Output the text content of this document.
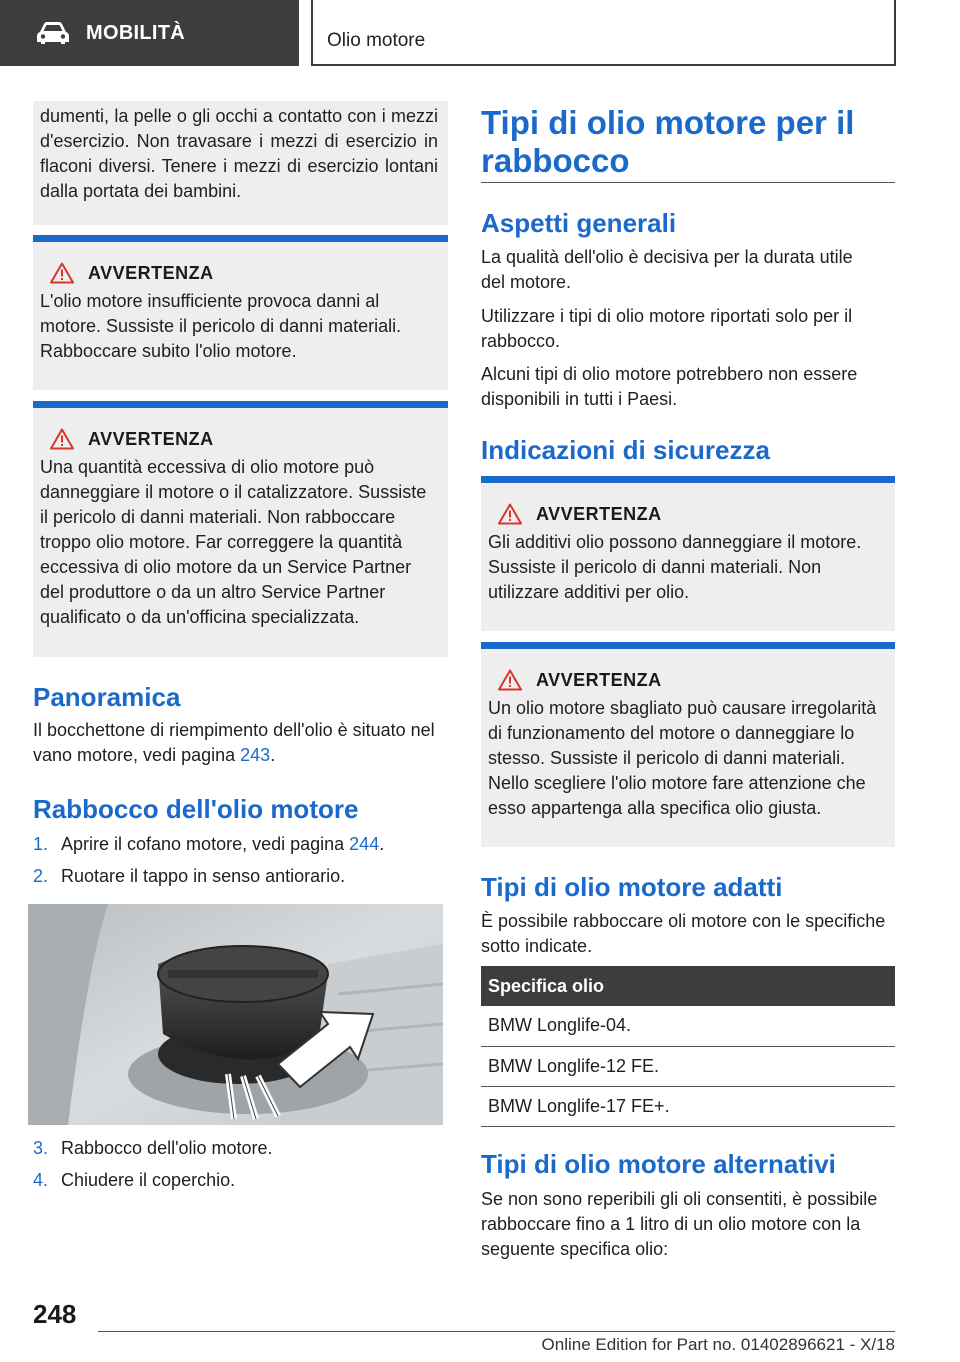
MOBILITÀ	Olio motore
dumenti, la pelle o gli occhi a contatto con i mezzi d'esercizio. Non travasare i mezzi di esercizio in flaconi diversi. Tenere i mezzi di esercizio lontani dalla portata dei bambini.
AVVERTENZA
L'olio motore insufficiente provoca danni al motore. Sussiste il pericolo di danni materiali. Rabboccare subito l'olio motore.
AVVERTENZA
Una quantità eccessiva di olio motore può danneggiare il motore o il catalizzatore. Sussiste il pericolo di danni materiali. Non rabboccare troppo olio motore. Far correggere la quantità eccessiva di olio motore da un Service Partner del produttore o da un altro Service Partner qualificato o da un'officina specializzata.
Panoramica
Il bocchettone di riempimento dell'olio è situato nel vano motore, vedi pagina 243.
Rabbocco dell'olio motore
1. Aprire il cofano motore, vedi pagina 244.
2. Ruotare il tappo in senso antiorario.
3. Rabbocco dell'olio motore.
4. Chiudere il coperchio.
Tipi di olio motore per il rabbocco
Aspetti generali
La qualità dell'olio è decisiva per la durata utile del motore.
Utilizzare i tipi di olio motore riportati solo per il rabbocco.
Alcuni tipi di olio motore potrebbero non essere disponibili in tutti i Paesi.
Indicazioni di sicurezza
AVVERTENZA
Gli additivi olio possono danneggiare il motore. Sussiste il pericolo di danni materiali. Non utilizzare additivi per olio.
AVVERTENZA
Un olio motore sbagliato può causare irregolarità di funzionamento del motore o danneggiare lo stesso. Sussiste il pericolo di danni materiali. Nello scegliere l'olio motore fare attenzione che esso appartenga alla specifica olio giusta.
Tipi di olio motore adatti
È possibile rabboccare oli motore con le specifiche sotto indicate.
Specifica olio
BMW Longlife-04.
BMW Longlife-12 FE.
BMW Longlife-17 FE+.
Tipi di olio motore alternativi
Se non sono reperibili gli oli consentiti, è possibile rabboccare fino a 1 litro di un olio motore con la seguente specifica olio:
248
Online Edition for Part no. 01402896621 - X/18
